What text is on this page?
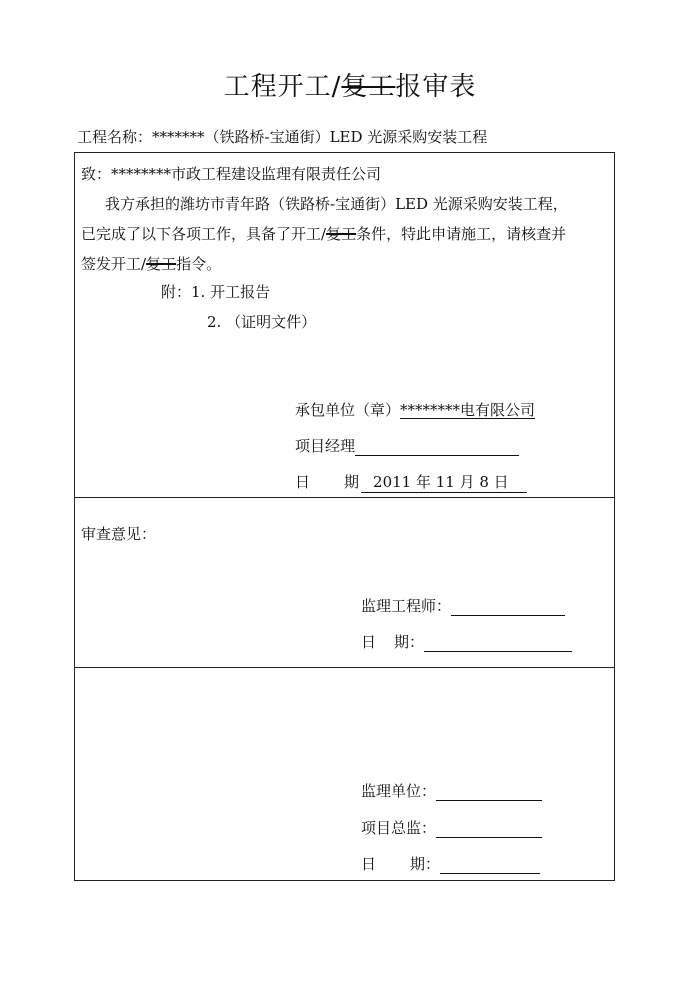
工程开工/复工报审表
工程名称：*******（铁路桥-宝通街）LED 光源采购安装工程
致：********市政工程建设监理有限责任公司
我方承担的潍坊市青年路（铁路桥-宝通街）LED 光源采购安装工程，
已完成了以下各项工作，具备了开工/复工条件，特此申请施工，请核查并
签发开工/复工指令。
附：1. 开工报告
2. （证明文件）
承包单位（章）********电有限公司
项目经理
日 期 2011 年 11 月 8 日
审查意见：
监理工程师：
日 期：
监理单位：
项目总监：
日 期：
